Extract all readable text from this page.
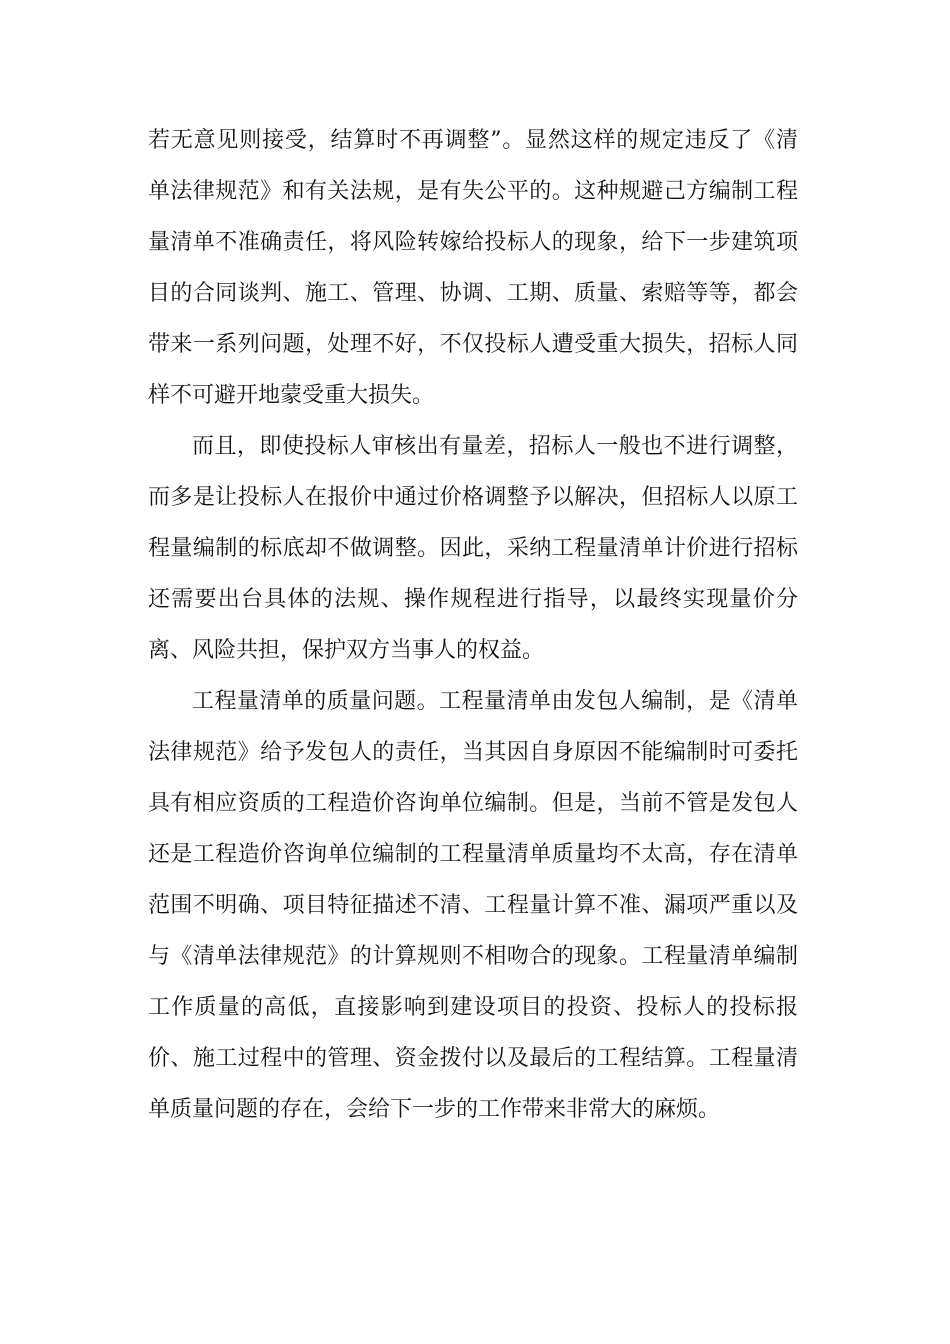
若无意见则接受，结算时不再调整”。显然这样的规定违反了《清
单法律规范》和有关法规，是有失公平的。这种规避己方编制工程
量清单不准确责任，将风险转嫁给投标人的现象，给下一步建筑项
目的合同谈判、施工、管理、协调、工期、质量、索赔等等，都会
带来一系列问题，处理不好，不仅投标人遭受重大损失，招标人同
样不可避开地蒙受重大损失。
而且，即使投标人审核出有量差，招标人一般也不进行调整，
而多是让投标人在报价中通过价格调整予以解决，但招标人以原工
程量编制的标底却不做调整。因此，采纳工程量清单计价进行招标
还需要出台具体的法规、操作规程进行指导，以最终实现量价分
离、风险共担，保护双方当事人的权益。
工程量清单的质量问题。工程量清单由发包人编制，是《清单
法律规范》给予发包人的责任，当其因自身原因不能编制时可委托
具有相应资质的工程造价咨询单位编制。但是，当前不管是发包人
还是工程造价咨询单位编制的工程量清单质量均不太高，存在清单
范围不明确、项目特征描述不清、工程量计算不准、漏项严重以及
与《清单法律规范》的计算规则不相吻合的现象。工程量清单编制
工作质量的高低，直接影响到建设项目的投资、投标人的投标报
价、施工过程中的管理、资金拨付以及最后的工程结算。工程量清
单质量问题的存在，会给下一步的工作带来非常大的麻烦。
